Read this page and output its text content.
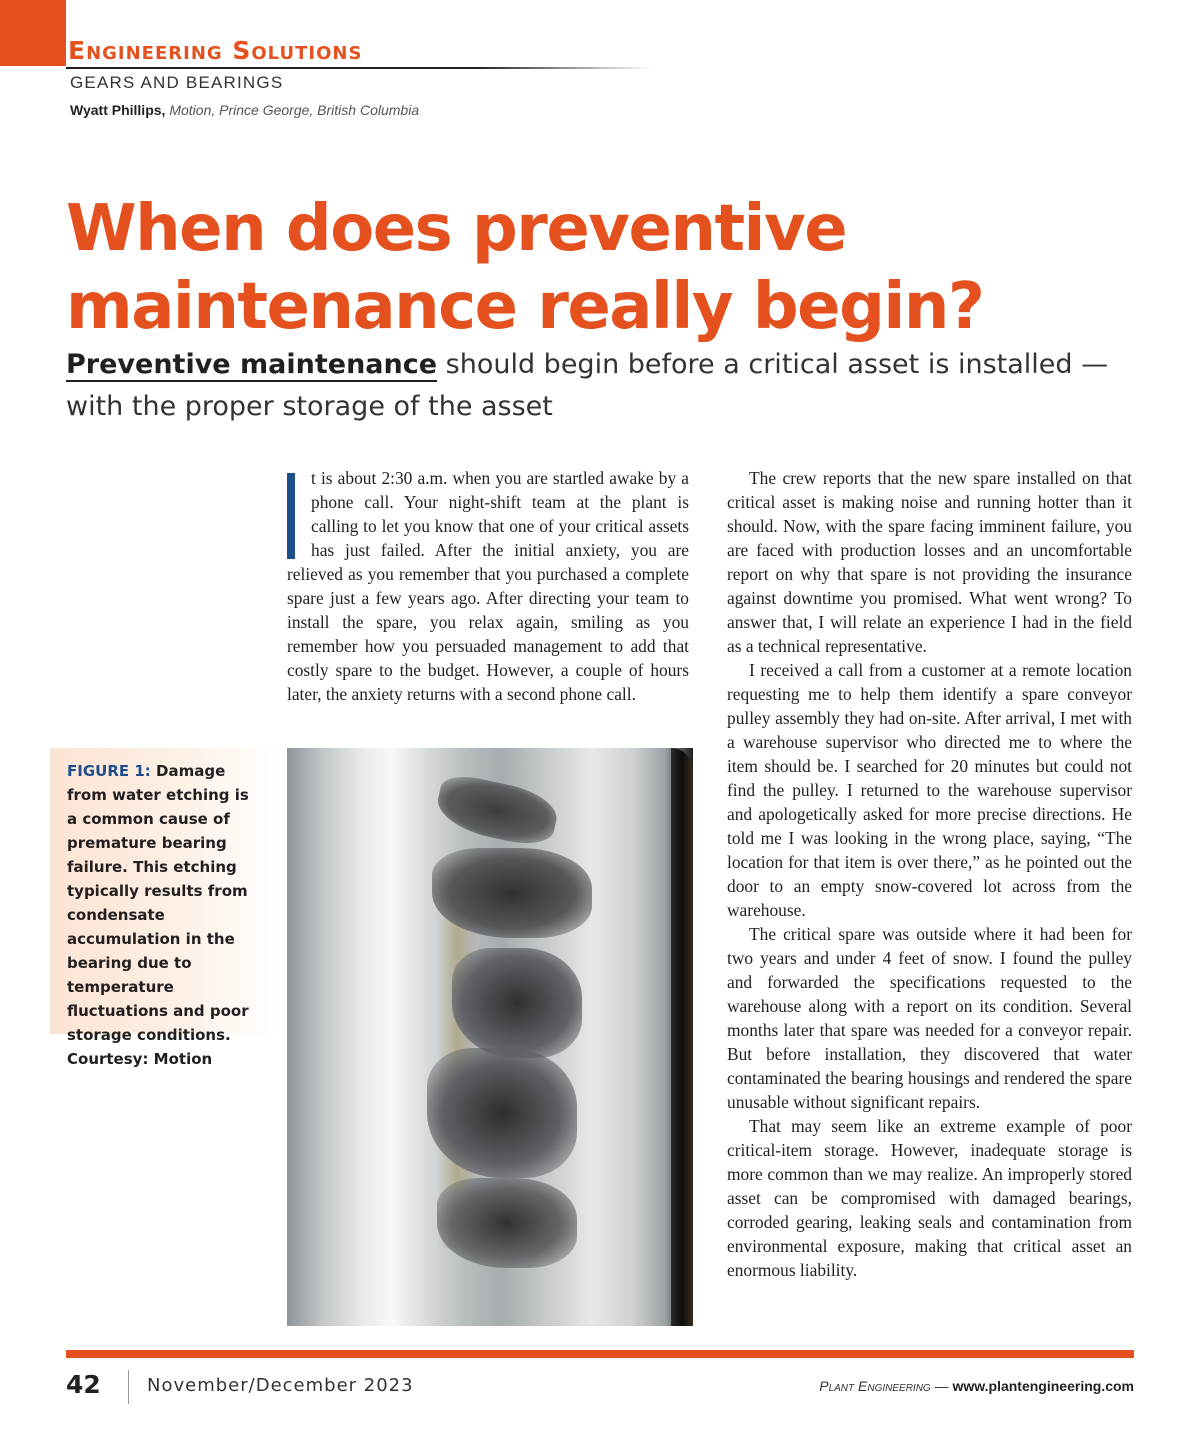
Engineering Solutions
GEARS AND BEARINGS
Wyatt Phillips, Motion, Prince George, British Columbia
When does preventive maintenance really begin?

Preventive maintenance should begin before a critical asset is installed — with the proper storage of the asset

t is about 2:30 a.m. when you are startled awake by a phone call. Your night-shift team at the plant is calling to let you know that one of your critical assets has just failed. After the initial anxiety, you are relieved as you remember that you purchased a complete spare just a few years ago. After directing your team to install the spare, you relax again, smiling as you remember how you persuaded management to add that costly spare to the budget. However, a couple of hours later, the anxiety returns with a second phone call.

The crew reports that the new spare installed on that critical asset is making noise and running hotter than it should. Now, with the spare facing imminent failure, you are faced with production losses and an uncomfortable report on why that spare is not providing the insurance against downtime you promised. What went wrong? To answer that, I will relate an experience I had in the field as a technical representative.

I received a call from a customer at a remote location requesting me to help them identify a spare conveyor pulley assembly they had on-site. After arrival, I met with a warehouse supervisor who directed me to where the item should be. I searched for 20 minutes but could not find the pulley. I returned to the warehouse supervisor and apologetically asked for more precise directions. He told me I was looking in the wrong place, saying, “The location for that item is over there,” as he pointed out the door to an empty snow-covered lot across from the warehouse.

The critical spare was outside where it had been for two years and under 4 feet of snow. I found the pulley and forwarded the specifications requested to the warehouse along with a report on its condition. Several months later that spare was needed for a conveyor repair. But before installation, they discovered that water contaminated the bearing housings and rendered the spare unusable without significant repairs.

That may seem like an extreme example of poor critical-item storage. However, inadequate storage is more common than we may realize. An improperly stored asset can be compromised with damaged bearings, corroded gearing, leaking seals and contamination from environmental exposure, making that critical asset an enormous liability.

FIGURE 1: Damage from water etching is a common cause of premature bearing failure. This etching typically results from condensate accumulation in the bearing due to temperature fluctuations and poor storage conditions. Courtesy: Motion

42	November/December 2023	Plant Engineering — www.plantengineering.com
